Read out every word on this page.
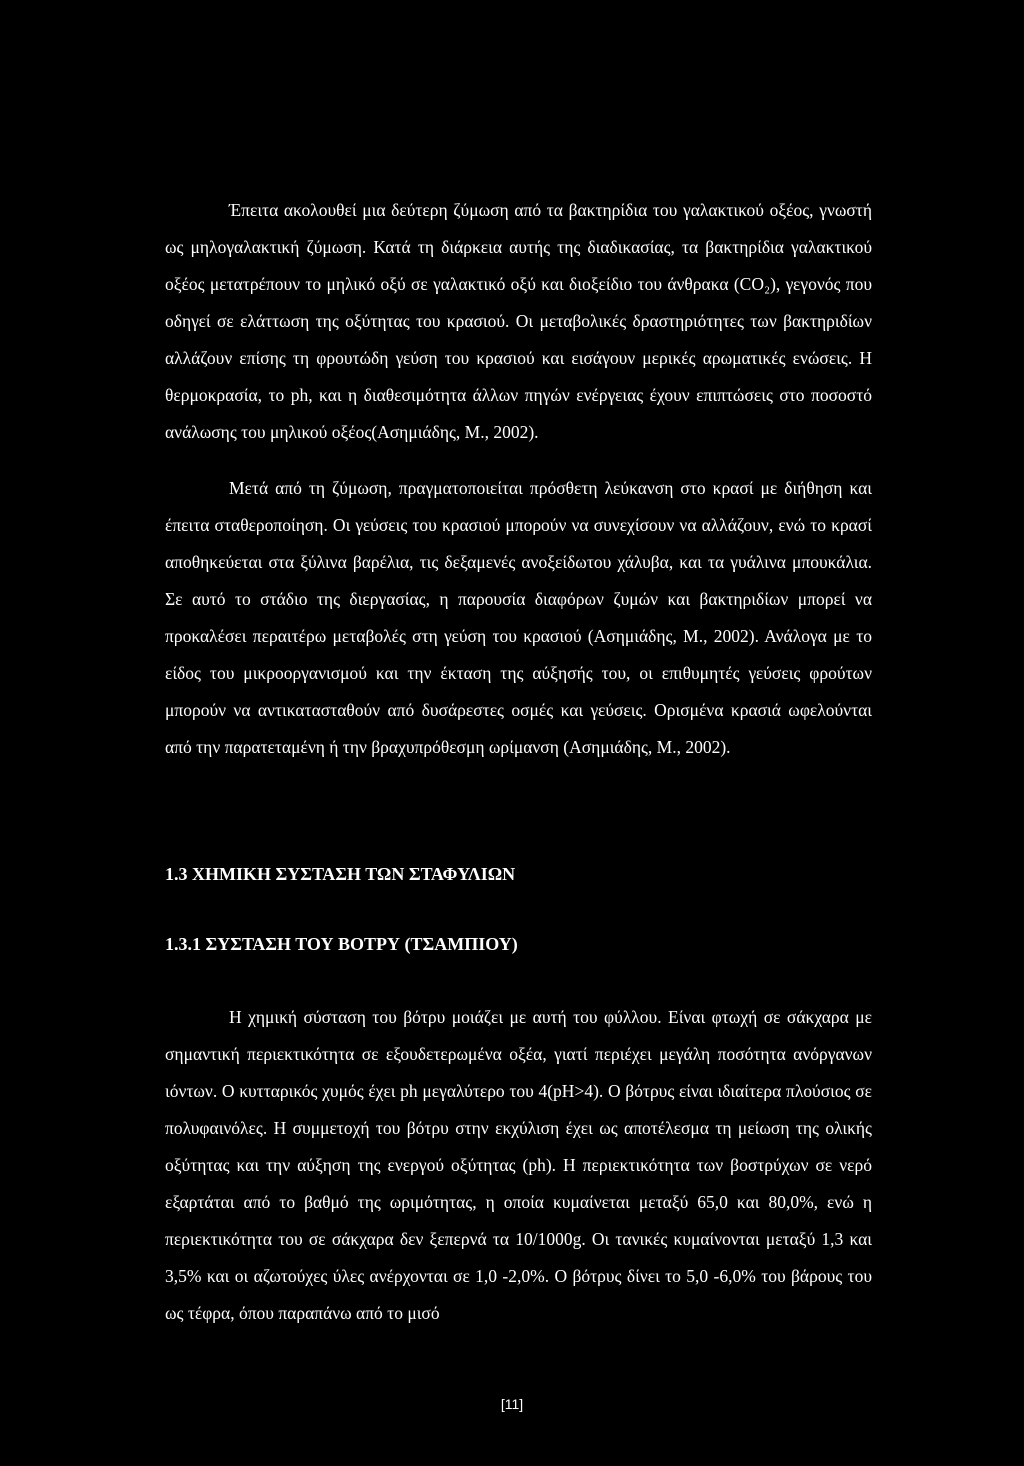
Έπειτα ακολουθεί μια δεύτερη ζύμωση από τα βακτηρίδια του γαλακτικού οξέος, γνωστή ως μηλογαλακτική ζύμωση. Κατά τη διάρκεια αυτής της διαδικασίας, τα βακτηρίδια γαλακτικού οξέος μετατρέπουν το μηλικό οξύ σε γαλακτικό οξύ και διοξείδιο του άνθρακα (CO₂), γεγονός που οδηγεί σε ελάττωση της οξύτητας του κρασιού. Οι μεταβολικές δραστηριότητες των βακτηριδίων αλλάζουν επίσης τη φρουτώδη γεύση του κρασιού και εισάγουν μερικές αρωματικές ενώσεις. Η θερμοκρασία, το ph, και η διαθεσιμότητα άλλων πηγών ενέργειας έχουν επιπτώσεις στο ποσοστό ανάλωσης του μηλικού οξέος(Ασημιάδης, Μ., 2002).

Μετά από τη ζύμωση, πραγματοποιείται πρόσθετη λεύκανση στο κρασί με διήθηση και έπειτα σταθεροποίηση. Οι γεύσεις του κρασιού μπορούν να συνεχίσουν να αλλάζουν, ενώ το κρασί αποθηκεύεται στα ξύλινα βαρέλια, τις δεξαμενές ανοξείδωτου χάλυβα, και τα γυάλινα μπουκάλια. Σε αυτό το στάδιο της διεργασίας, η παρουσία διαφόρων ζυμών και βακτηριδίων μπορεί να προκαλέσει περαιτέρω μεταβολές στη γεύση του κρασιού (Ασημιάδης, Μ., 2002). Ανάλογα με το είδος του μικροοργανισμού και την έκταση της αύξησής του, οι επιθυμητές γεύσεις φρούτων μπορούν να αντικατασταθούν από δυσάρεστες οσμές και γεύσεις. Ορισμένα κρασιά ωφελούνται από την παρατεταμένη ή την βραχυπρόθεσμη ωρίμανση (Ασημιάδης, Μ., 2002).

1.3 ΧΗΜΙΚΗ ΣΥΣΤΑΣΗ ΤΩΝ ΣΤΑΦΥΛΙΩΝ
1.3.1 ΣΥΣΤΑΣΗ ΤΟΥ ΒΟΤΡΥ (ΤΣΑΜΠΙΟΥ)

Η χημική σύσταση του βότρυ μοιάζει με αυτή του φύλλου. Είναι φτωχή σε σάκχαρα με σημαντική περιεκτικότητα σε εξουδετερωμένα οξέα, γιατί περιέχει μεγάλη ποσότητα ανόργανων ιόντων. Ο κυτταρικός χυμός έχει ph μεγαλύτερο του 4(pH>4). Ο βότρυς είναι ιδιαίτερα πλούσιος σε πολυφαινόλες. Η συμμετοχή του βότρυ στην εκχύλιση έχει ως αποτέλεσμα τη μείωση της ολικής οξύτητας και την αύξηση της ενεργού οξύτητας (ph). Η περιεκτικότητα των βοστρύχων σε νερό εξαρτάται από το βαθμό της ωριμότητας, η οποία κυμαίνεται μεταξύ 65,0 και 80,0%, ενώ η περιεκτικότητα του σε σάκχαρα δεν ξεπερνά τα 10/1000g. Οι τανικές κυμαίνονται μεταξύ 1,3 και 3,5% και οι αζωτούχες ύλες ανέρχονται σε 1,0 -2,0%. Ο βότρυς δίνει το 5,0 -6,0% του βάρους του ως τέφρα, όπου παραπάνω από το μισό

[11]
